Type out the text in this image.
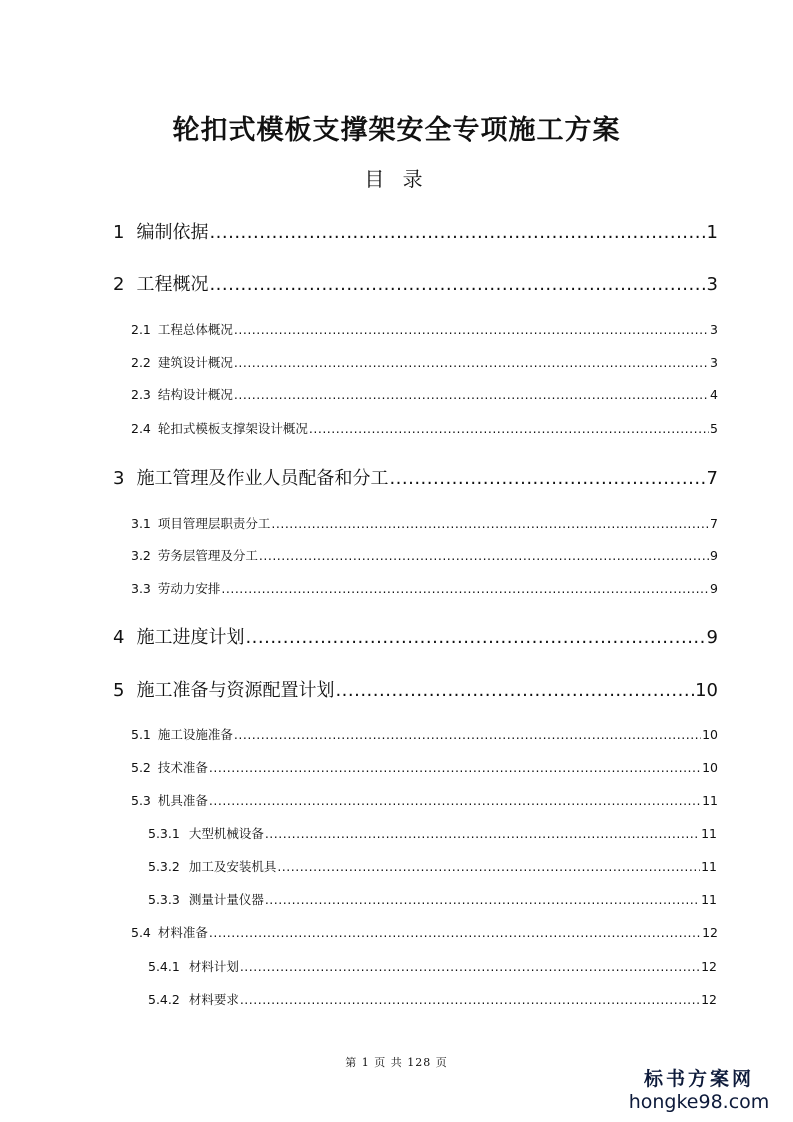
轮扣式模板支撑架安全专项施工方案
目 录
1 编制依据 .....	1
2 工程概况 .....	3
2.1 工程总体概况 .....	3
2.2 建筑设计概况 .....	3
2.3 结构设计概况 .....	4
2.4 轮扣式模板支撑架设计概况 .....	5
3 施工管理及作业人员配备和分工 .....	7
3.1 项目管理层职责分工 .....	7
3.2 劳务层管理及分工 .....	9
3.3 劳动力安排 .....	9
4 施工进度计划 .....	9
5 施工准备与资源配置计划 .....	10
5.1 施工设施准备 .....	10
5.2 技术准备 .....	10
5.3 机具准备 .....	11
5.3.1 大型机械设备 .....	11
5.3.2 加工及安装机具 .....	11
5.3.3 测量计量仪器 .....	11
5.4 材料准备 .....	12
5.4.1 材料计划 .....	12
5.4.2 材料要求 .....	12
第 1 页 共 128 页
标书方案网
hongke98.com
